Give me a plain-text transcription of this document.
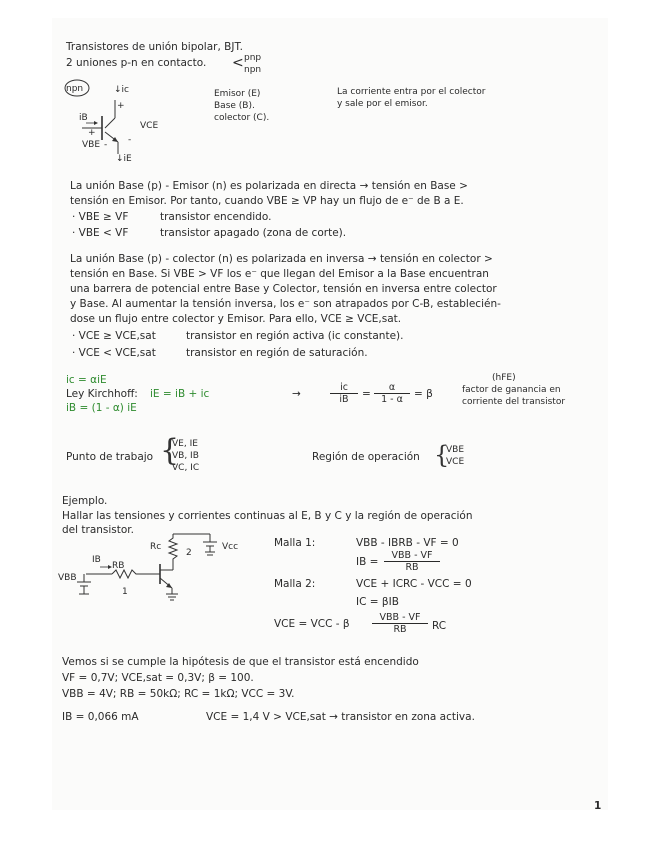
Transistores de unión bipolar, BJT.
2 uniones p-n en contacto. < pnp
npn
npn	↓ic
+
iB
VCE
+
-
VBE -
↓iE
Emisor (E)
Base (B).
colector (C).
La corriente entra por el colector
y sale por el emisor.
La unión Base (p) - Emisor (n) es polarizada en directa → tensión en Base >
tensión en Emisor. Por tanto, cuando VBE ≥ VP hay un flujo de e⁻ de B a E.
· VBE ≥ VF	transistor encendido.
· VBE < VF	transistor apagado (zona de corte).
La unión Base (p) - colector (n) es polarizada en inversa → tensión en colector >
tensión en Base. Si VBE > VF los e⁻ que llegan del Emisor a la Base encuentran
una barrera de potencial entre Base y Colector, tensión en inversa entre colector
y Base. Al aumentar la tensión inversa, los e⁻ son atrapados por C-B, establecién-
dose un flujo entre colector y Emisor. Para ello, VCE ≥ VCE,sat.
· VCE ≥ VCE,sat	transistor en región activa (ic constante).
· VCE < VCE,sat	transistor en región de saturación.
ic = αiE
Ley Kirchhoff: iE = iB + ic
iB = (1 - α) iE
→	$\frac{ic}{iB} = \frac{\alpha}{1 - \alpha} = \beta$
(hFE)
factor de ganancia en
corriente del transistor
Punto de trabajo {
VE, IE
VB, IB
VC, IC
Región de operación {
VBE
VCE
Ejemplo.
Hallar las tensiones y corrientes continuas al E, B y C y la región de operación
del transistor.
Rc
2
Vcc
IB
RB
VBB
1
Malla 1:	VBB - IBRB - VF = 0
IB =
VBB - VF
RB
Malla 2:	VCE + ICRC - VCC = 0
IC = βIB
VCE = VCC - β
VBB - VF
RB	RC
Vemos si se cumple la hipótesis de que el transistor está encendido
VF = 0,7V; VCE,sat = 0,3V; β = 100.
VBB = 4V; RB = 50kΩ; RC = 1kΩ; VCC = 3V.
IB = 0,066 mA	VCE = 1,4 V > VCE,sat → transistor en zona activa.
1
